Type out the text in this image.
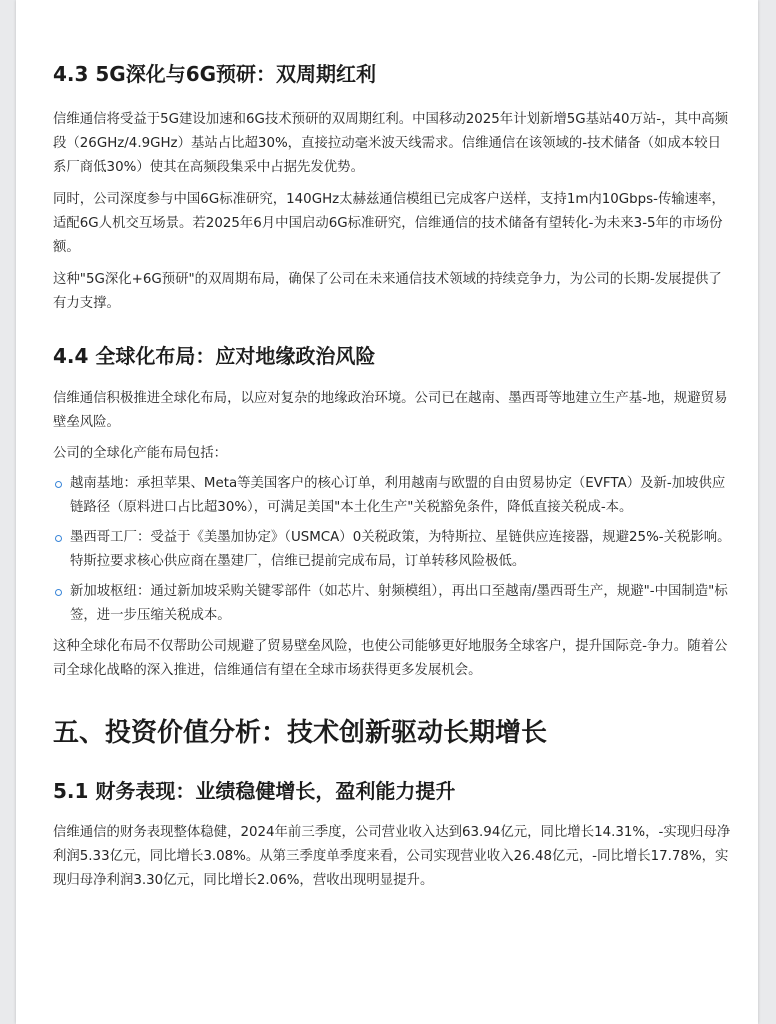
4.3 5G深化与6G预研：双周期红利

信维通信将受益于5G建设加速和6G技术预研的双周期红利。中国移动2025年计划新增5G基站40万站-，其中高频段（26GHz/4.9GHz）基站占比超30%，直接拉动毫米波天线需求。信维通信在该领域的-技术储备（如成本较日系厂商低30%）使其在高频段集采中占据先发优势。

同时，公司深度参与中国6G标准研究，140GHz太赫兹通信模组已完成客户送样，支持1m内10Gbps-传输速率，适配6G人机交互场景。若2025年6月中国启动6G标准研究，信维通信的技术储备有望转化-为未来3-5年的市场份额。

这种"5G深化+6G预研"的双周期布局，确保了公司在未来通信技术领域的持续竞争力，为公司的长期-发展提供了有力支撑。

4.4 全球化布局：应对地缘政治风险

信维通信积极推进全球化布局，以应对复杂的地缘政治环境。公司已在越南、墨西哥等地建立生产基-地，规避贸易壁垒风险。

公司的全球化产能布局包括：

越南基地：承担苹果、Meta等美国客户的核心订单，利用越南与欧盟的自由贸易协定（EVFTA）及新-加坡供应链路径（原料进口占比超30%），可满足美国"本土化生产"关税豁免条件，降低直接关税成-本。
墨西哥工厂：受益于《美墨加协定》（USMCA）0关税政策，为特斯拉、星链供应连接器，规避25%-关税影响。特斯拉要求核心供应商在墨建厂，信维已提前完成布局，订单转移风险极低。
新加坡枢纽：通过新加坡采购关键零部件（如芯片、射频模组），再出口至越南/墨西哥生产，规避"-中国制造"标签，进一步压缩关税成本。

这种全球化布局不仅帮助公司规避了贸易壁垒风险，也使公司能够更好地服务全球客户，提升国际竞-争力。随着公司全球化战略的深入推进，信维通信有望在全球市场获得更多发展机会。

五、投资价值分析：技术创新驱动长期增长
5.1 财务表现：业绩稳健增长，盈利能力提升

信维通信的财务表现整体稳健，2024年前三季度，公司营业收入达到63.94亿元，同比增长14.31%，-实现归母净利润5.33亿元，同比增长3.08%。从第三季度单季度来看，公司实现营业收入26.48亿元，-同比增长17.78%，实现归母净利润3.30亿元，同比增长2.06%，营收出现明显提升。
